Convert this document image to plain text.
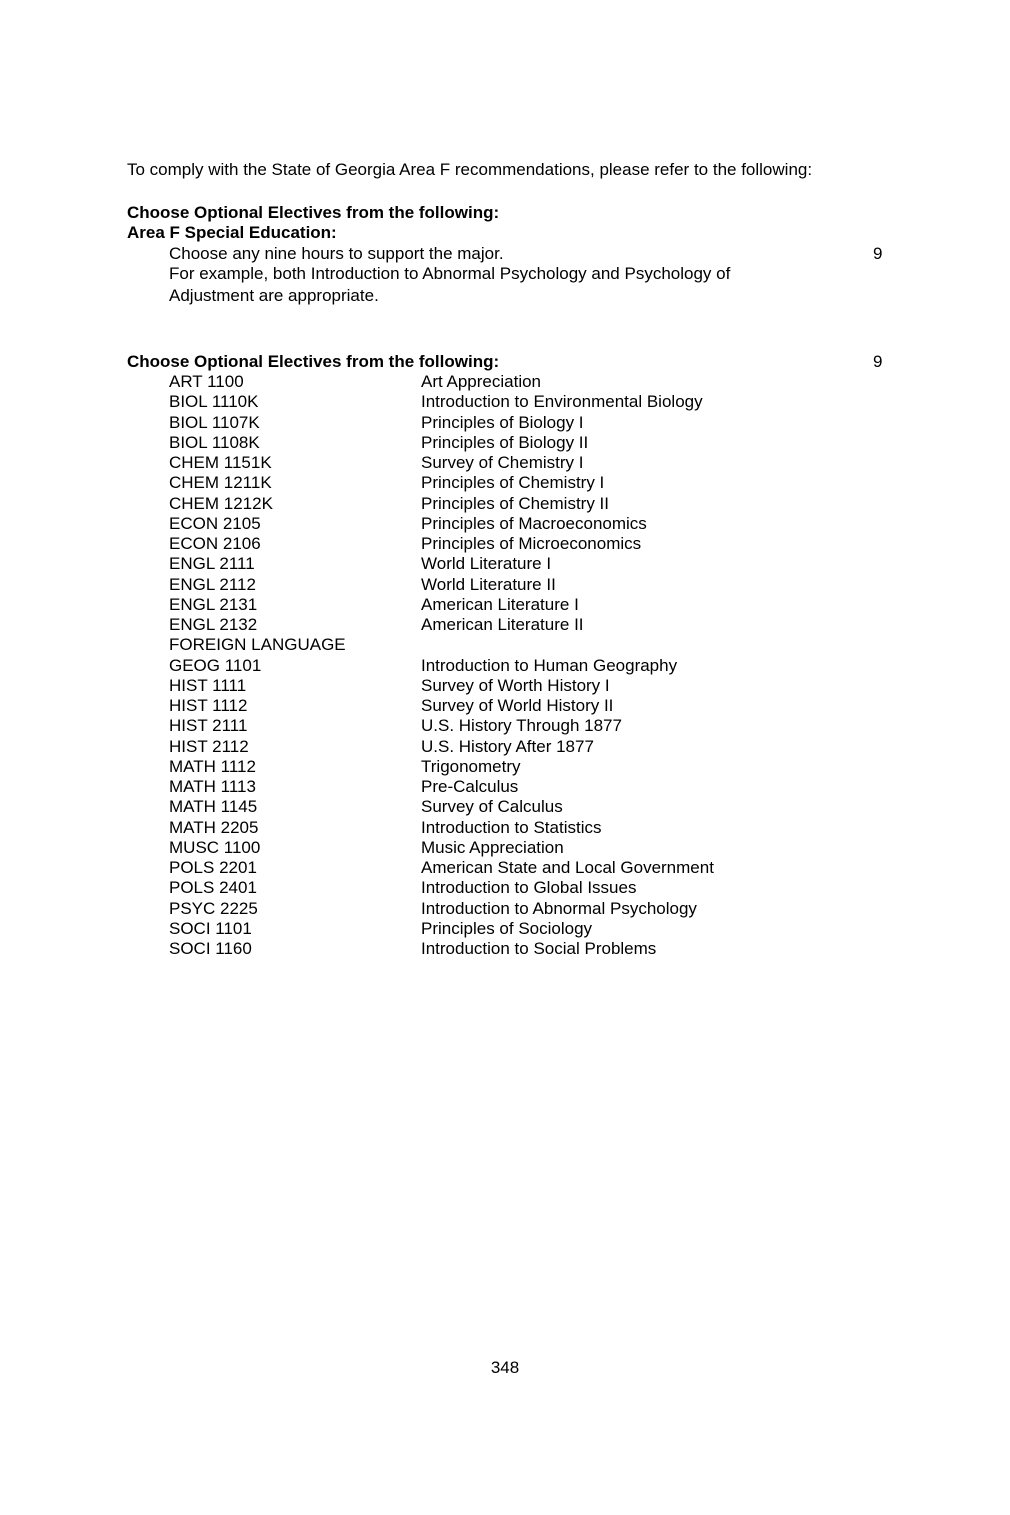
To comply with the State of Georgia Area F recommendations, please refer to the following:
Choose Optional Electives from the following:
Area F Special Education:
Choose any nine hours to support the major.	9
For example, both Introduction to Abnormal Psychology and Psychology of
Adjustment are appropriate.
Choose Optional Electives from the following:	9
ART 1100	Art Appreciation
BIOL 1110K	Introduction to Environmental Biology
BIOL 1107K	Principles of Biology I
BIOL 1108K	Principles of Biology II
CHEM 1151K	Survey of Chemistry I
CHEM 1211K	Principles of Chemistry I
CHEM 1212K	Principles of Chemistry II
ECON 2105	Principles of Macroeconomics
ECON 2106	Principles of Microeconomics
ENGL 2111	World Literature I
ENGL 2112	World Literature II
ENGL 2131	American Literature I
ENGL 2132	American Literature II
FOREIGN LANGUAGE
GEOG 1101	Introduction to Human Geography
HIST 1111	Survey of Worth History I
HIST 1112	Survey of World History II
HIST 2111	U.S. History Through 1877
HIST 2112	U.S. History After 1877
MATH 1112	Trigonometry
MATH 1113	Pre-Calculus
MATH 1145	Survey of Calculus
MATH 2205	Introduction to Statistics
MUSC 1100	Music Appreciation
POLS 2201	American State and Local Government
POLS 2401	Introduction to Global Issues
PSYC 2225	Introduction to Abnormal Psychology
SOCI 1101	Principles of Sociology
SOCI 1160	Introduction to Social Problems
348
